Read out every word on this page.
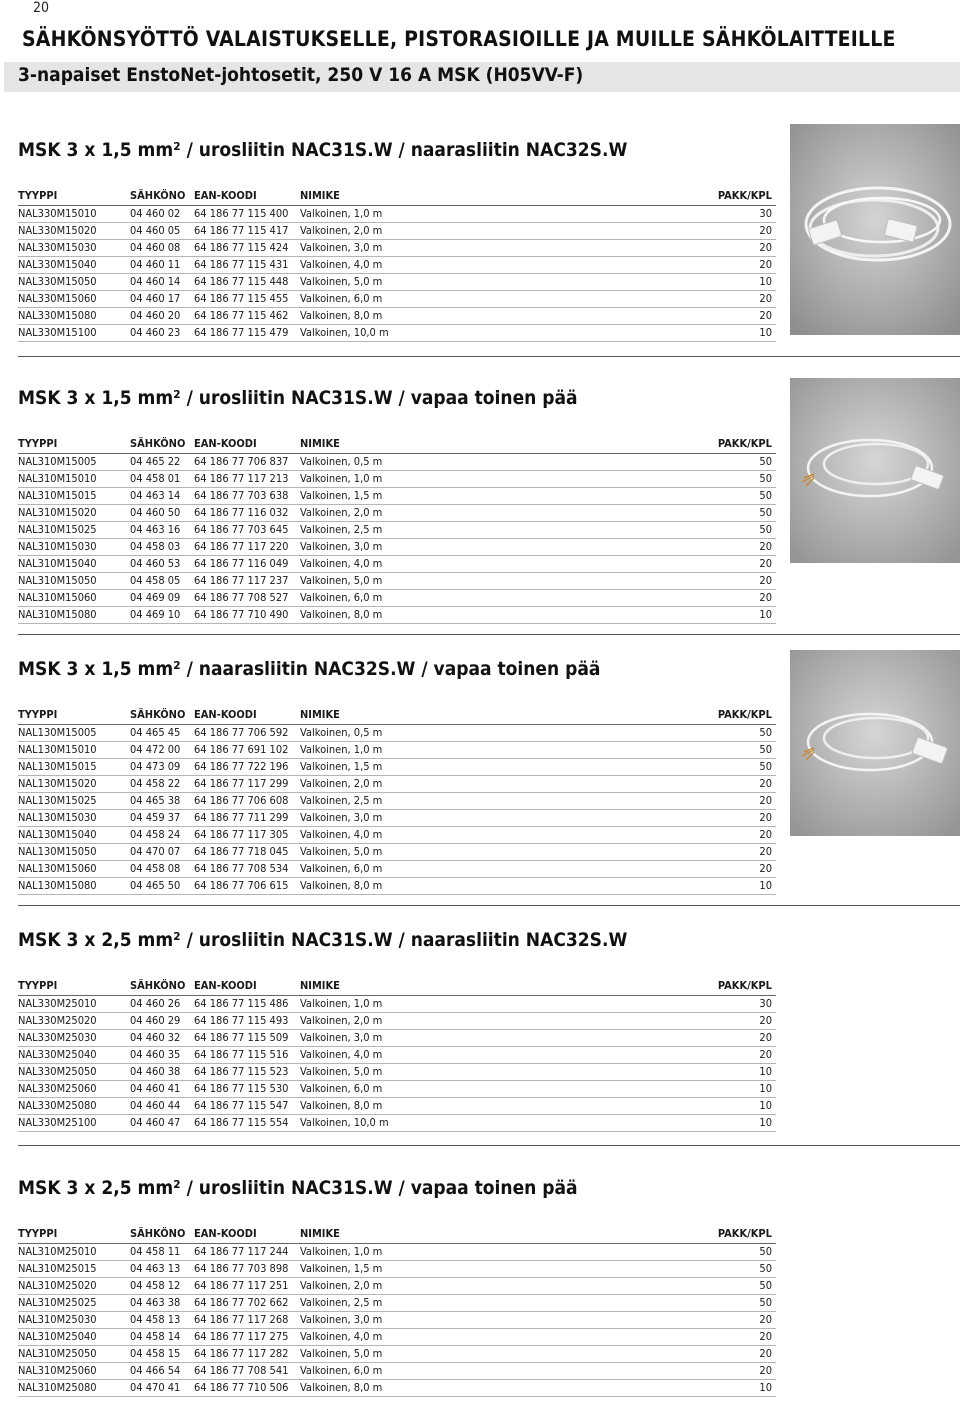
20
SÄHKÖNSYÖTTÖ VALAISTUKSELLE, PISTORASIOILLE JA MUILLE SÄHKÖLAITTEILLE
3-napaiset EnstoNet-johtosetit, 250 V 16 A MSK (H05VV-F)
MSK 3 x 1,5 mm² / urosliitin NAC31S.W / naarasliitin NAC32S.W
TYYPPI	SÄHKÖNO	EAN-KOODI	NIMIKE	PAKK/KPL
NAL330M15010	04 460 02	64 186 77 115 400	Valkoinen, 1,0 m	30
NAL330M15020	04 460 05	64 186 77 115 417	Valkoinen, 2,0 m	20
NAL330M15030	04 460 08	64 186 77 115 424	Valkoinen, 3,0 m	20
NAL330M15040	04 460 11	64 186 77 115 431	Valkoinen, 4,0 m	20
NAL330M15050	04 460 14	64 186 77 115 448	Valkoinen, 5,0 m	10
NAL330M15060	04 460 17	64 186 77 115 455	Valkoinen, 6,0 m	20
NAL330M15080	04 460 20	64 186 77 115 462	Valkoinen, 8,0 m	20
NAL330M15100	04 460 23	64 186 77 115 479	Valkoinen, 10,0 m	10
MSK 3 x 1,5 mm² / urosliitin NAC31S.W / vapaa toinen pää
TYYPPI	SÄHKÖNO	EAN-KOODI	NIMIKE	PAKK/KPL
NAL310M15005	04 465 22	64 186 77 706 837	Valkoinen, 0,5 m	50
NAL310M15010	04 458 01	64 186 77 117 213	Valkoinen, 1,0 m	50
NAL310M15015	04 463 14	64 186 77 703 638	Valkoinen, 1,5 m	50
NAL310M15020	04 460 50	64 186 77 116 032	Valkoinen, 2,0 m	50
NAL310M15025	04 463 16	64 186 77 703 645	Valkoinen, 2,5 m	50
NAL310M15030	04 458 03	64 186 77 117 220	Valkoinen, 3,0 m	20
NAL310M15040	04 460 53	64 186 77 116 049	Valkoinen, 4,0 m	20
NAL310M15050	04 458 05	64 186 77 117 237	Valkoinen, 5,0 m	20
NAL310M15060	04 469 09	64 186 77 708 527	Valkoinen, 6,0 m	20
NAL310M15080	04 469 10	64 186 77 710 490	Valkoinen, 8,0 m	10
MSK 3 x 1,5 mm² / naarasliitin NAC32S.W / vapaa toinen pää
TYYPPI	SÄHKÖNO	EAN-KOODI	NIMIKE	PAKK/KPL
NAL130M15005	04 465 45	64 186 77 706 592	Valkoinen, 0,5 m	50
NAL130M15010	04 472 00	64 186 77 691 102	Valkoinen, 1,0 m	50
NAL130M15015	04 473 09	64 186 77 722 196	Valkoinen, 1,5 m	50
NAL130M15020	04 458 22	64 186 77 117 299	Valkoinen, 2,0 m	20
NAL130M15025	04 465 38	64 186 77 706 608	Valkoinen, 2,5 m	20
NAL130M15030	04 459 37	64 186 77 711 299	Valkoinen, 3,0 m	20
NAL130M15040	04 458 24	64 186 77 117 305	Valkoinen, 4,0 m	20
NAL130M15050	04 470 07	64 186 77 718 045	Valkoinen, 5,0 m	20
NAL130M15060	04 458 08	64 186 77 708 534	Valkoinen, 6,0 m	20
NAL130M15080	04 465 50	64 186 77 706 615	Valkoinen, 8,0 m	10
MSK 3 x 2,5 mm² / urosliitin NAC31S.W / naarasliitin NAC32S.W
TYYPPI	SÄHKÖNO	EAN-KOODI	NIMIKE	PAKK/KPL
NAL330M25010	04 460 26	64 186 77 115 486	Valkoinen, 1,0 m	30
NAL330M25020	04 460 29	64 186 77 115 493	Valkoinen, 2,0 m	20
NAL330M25030	04 460 32	64 186 77 115 509	Valkoinen, 3,0 m	20
NAL330M25040	04 460 35	64 186 77 115 516	Valkoinen, 4,0 m	20
NAL330M25050	04 460 38	64 186 77 115 523	Valkoinen, 5,0 m	10
NAL330M25060	04 460 41	64 186 77 115 530	Valkoinen, 6,0 m	10
NAL330M25080	04 460 44	64 186 77 115 547	Valkoinen, 8,0 m	10
NAL330M25100	04 460 47	64 186 77 115 554	Valkoinen, 10,0 m	10
MSK 3 x 2,5 mm² / urosliitin NAC31S.W / vapaa toinen pää
TYYPPI	SÄHKÖNO	EAN-KOODI	NIMIKE	PAKK/KPL
NAL310M25010	04 458 11	64 186 77 117 244	Valkoinen, 1,0 m	50
NAL310M25015	04 463 13	64 186 77 703 898	Valkoinen, 1,5 m	50
NAL310M25020	04 458 12	64 186 77 117 251	Valkoinen, 2,0 m	50
NAL310M25025	04 463 38	64 186 77 702 662	Valkoinen, 2,5 m	50
NAL310M25030	04 458 13	64 186 77 117 268	Valkoinen, 3,0 m	20
NAL310M25040	04 458 14	64 186 77 117 275	Valkoinen, 4,0 m	20
NAL310M25050	04 458 15	64 186 77 117 282	Valkoinen, 5,0 m	20
NAL310M25060	04 466 54	64 186 77 708 541	Valkoinen, 6,0 m	20
NAL310M25080	04 470 41	64 186 77 710 506	Valkoinen, 8,0 m	10
